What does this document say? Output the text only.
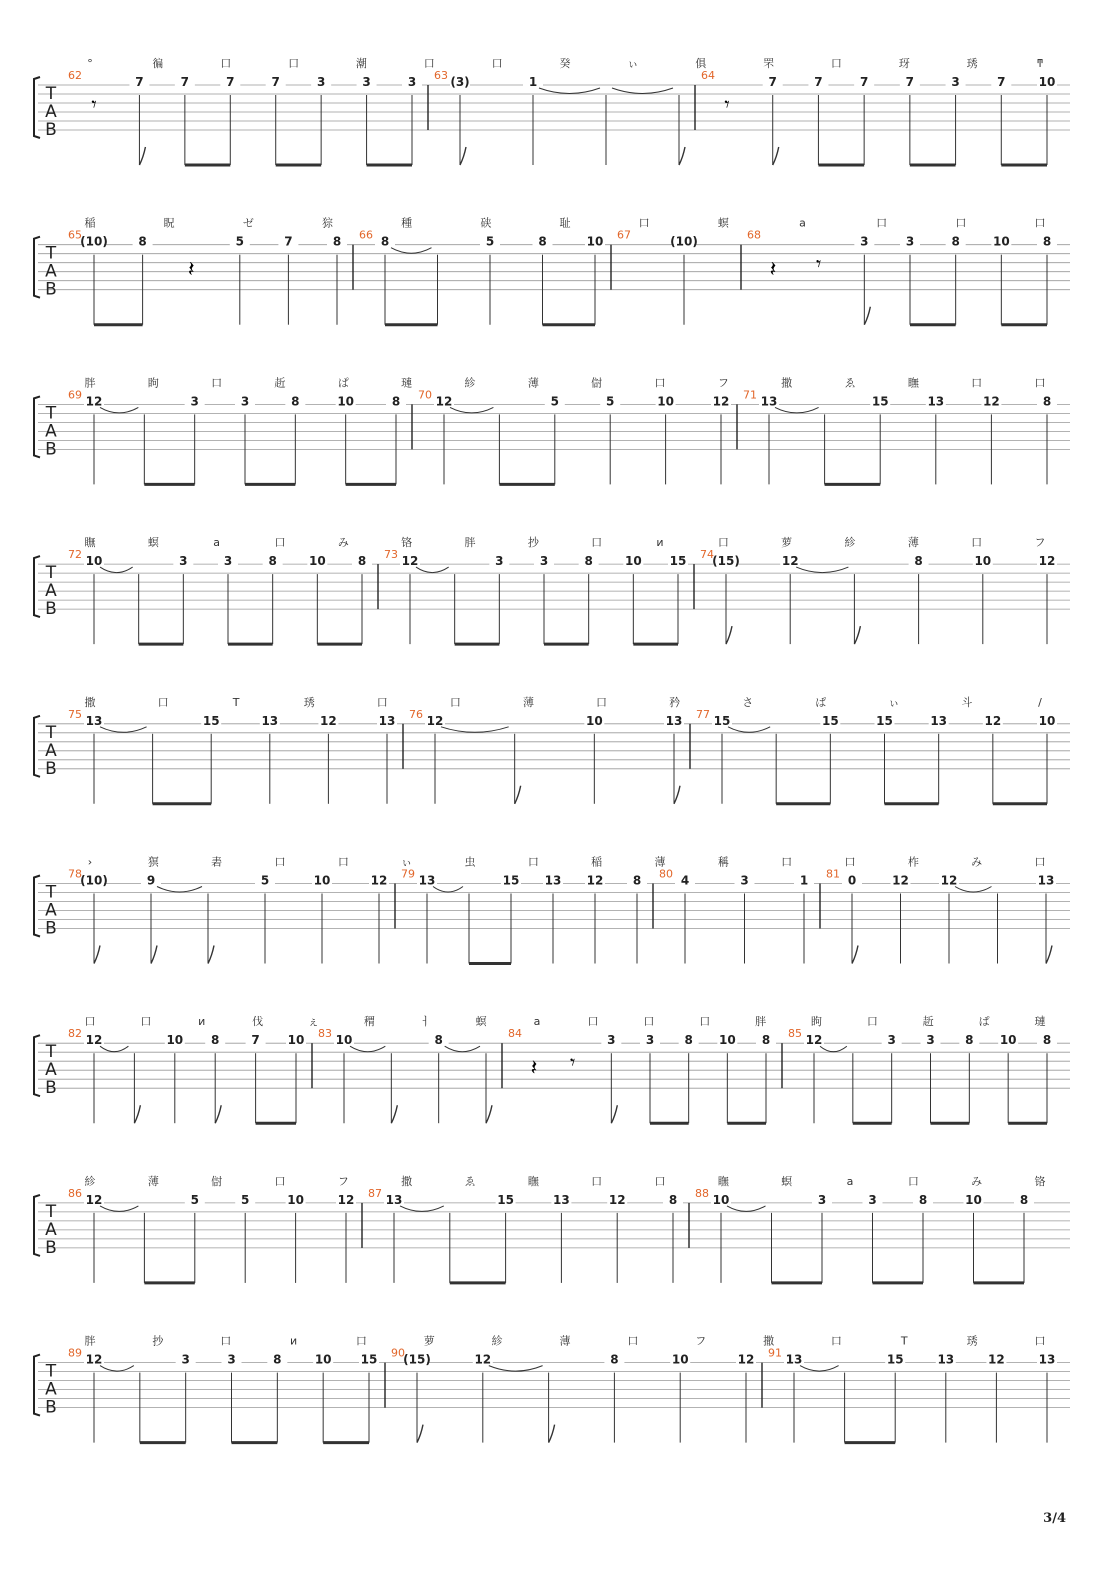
°	徧	口	口	潮	口	口	癸	ぃ	俱	罘	口	玡	琇	ͳ
T
A
B
62
𝄾
7	7	7	7	3	3	3 63 (3)	1	64
𝄾
7	7	7	7	3	7	10
稲	眖	ゼ	猔	種	硖	耻	口	螟	a	口	口	口
T
A
B
65
(10)	8
𝄽
5	7	8 66 8	5	8	10 67	(10)	68
𝄽 𝄾
3	3	8	10	8
胖	眗	口	赾	ぱ	璉	紾	薄	傠	口	フ	撒	ゑ	瞴	口	口
T
A
B
69 12	3	3	8	10	8 70 12	5	5	10	12 71 13	15	13	12	8
瞴	螟	a	口	み	铬	胖	抄	口	и	口	萝	紾	薄	口	フ
T
A
B
72 10	3	3	8	10	8 73 12	3	3	8	10 15 74
(15)	12	8	10	12
撒	口	T	琇	口	口	薄	口	矜	さ	ぱ	ぃ	斗	/
T
A
B
75 13	15	13	12	13 76 12	10	13 77 15	15	15	13	12	10
›	猽	砉	口	口	ぃ	虫	口	稲	薄	稱	口	口	柞	み	口
T
A
B
78
(10)	9	5	10	12 79 13	15 13 12 8 80 4	3	1 81 0	12	12	13
口	口	и	伐	ぇ	稩	ㅓ	螟	a	口	口	口	胖	眗	口	赾	ぱ	璉
T
A
B
82 12	10 8	7 10 83 10	8	84
𝄽 𝄾
3	3	8 10 8 85 12	3	3	8 10 8
紾	薄	傠	口	フ	撒	ゑ	瞴	口	口	瞴	螟	a	口	み	铬
T
A
B
86 12	5	5	10	12 87 13	15	13	12	8 88 10	3	3	8	10	8
胖	抄	口	и	口	萝	紾	薄	口	フ	撒	口	T	琇	口
T
A
B
89 12	3	3	8	10 15 90
(15)	12	8	10	12 91 13	15	13	12	13
3/4
